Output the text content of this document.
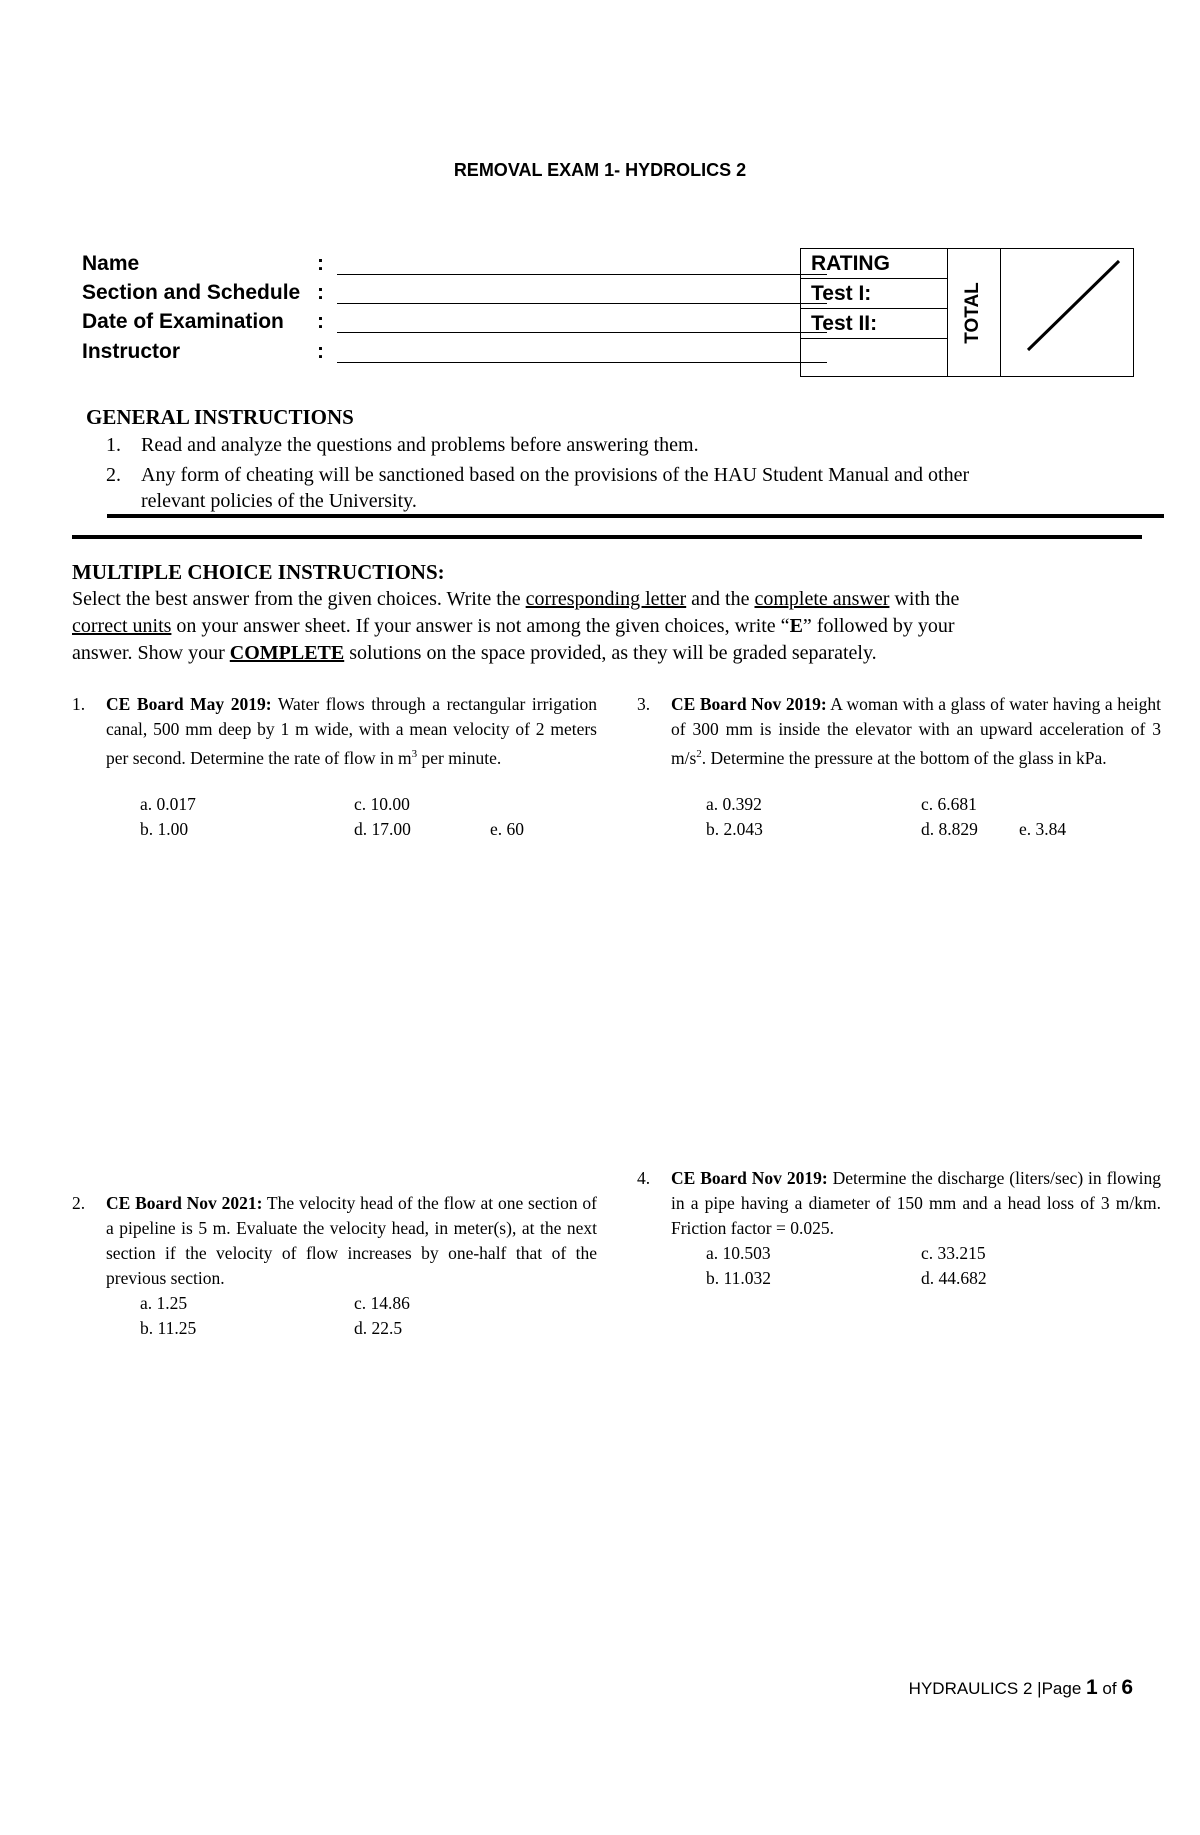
REMOVAL EXAM 1- HYDROLICS 2
Name	:
Section and Schedule :
Date of Examination :
Instructor	:
RATING
Test I:
Test II:	TOTAL
GENERAL INSTRUCTIONS
1. Read and analyze the questions and problems before answering them.
2. Any form of cheating will be sanctioned based on the provisions of the HAU Student Manual and other
relevant policies of the University.
MULTIPLE CHOICE INSTRUCTIONS:
Select the best answer from the given choices. Write the corresponding letter and the complete answer with the
correct units on your answer sheet. If your answer is not among the given choices, write “E” followed by your
answer. Show your COMPLETE solutions on the space provided, as they will be graded separately.
1. CE Board May 2019: Water flows through a rectangular irrigation canal, 500 mm deep by 1 m wide, with a mean velocity of 2 meters per second. Determine the rate of flow in $m^3$ per minute.
a. 0.017	c. 10.00
b. 1.00	d. 17.00	e. 60
3. CE Board Nov 2019: A woman with a glass of water having a height of 300 mm is inside the elevator with an upward acceleration of 3 $m/s^2$. Determine the pressure at the bottom of the glass in kPa.
a. 0.392	c. 6.681
b. 2.043	d. 8.829 e. 3.84
4. CE Board Nov 2019: Determine the discharge (liters/sec) in flowing in a pipe having a diameter of 150 mm and a head loss of 3 m/km. Friction factor = 0.025.
a. 10.503	c. 33.215
b. 11.032	d. 44.682
2. CE Board Nov 2021: The velocity head of the flow at one section of a pipeline is 5 m. Evaluate the velocity head, in meter(s), at the next section if the velocity of flow increases by one-half that of the previous section.
a. 1.25	c. 14.86
b. 11.25	d. 22.5
HYDRAULICS 2 |Page 1 of 6
